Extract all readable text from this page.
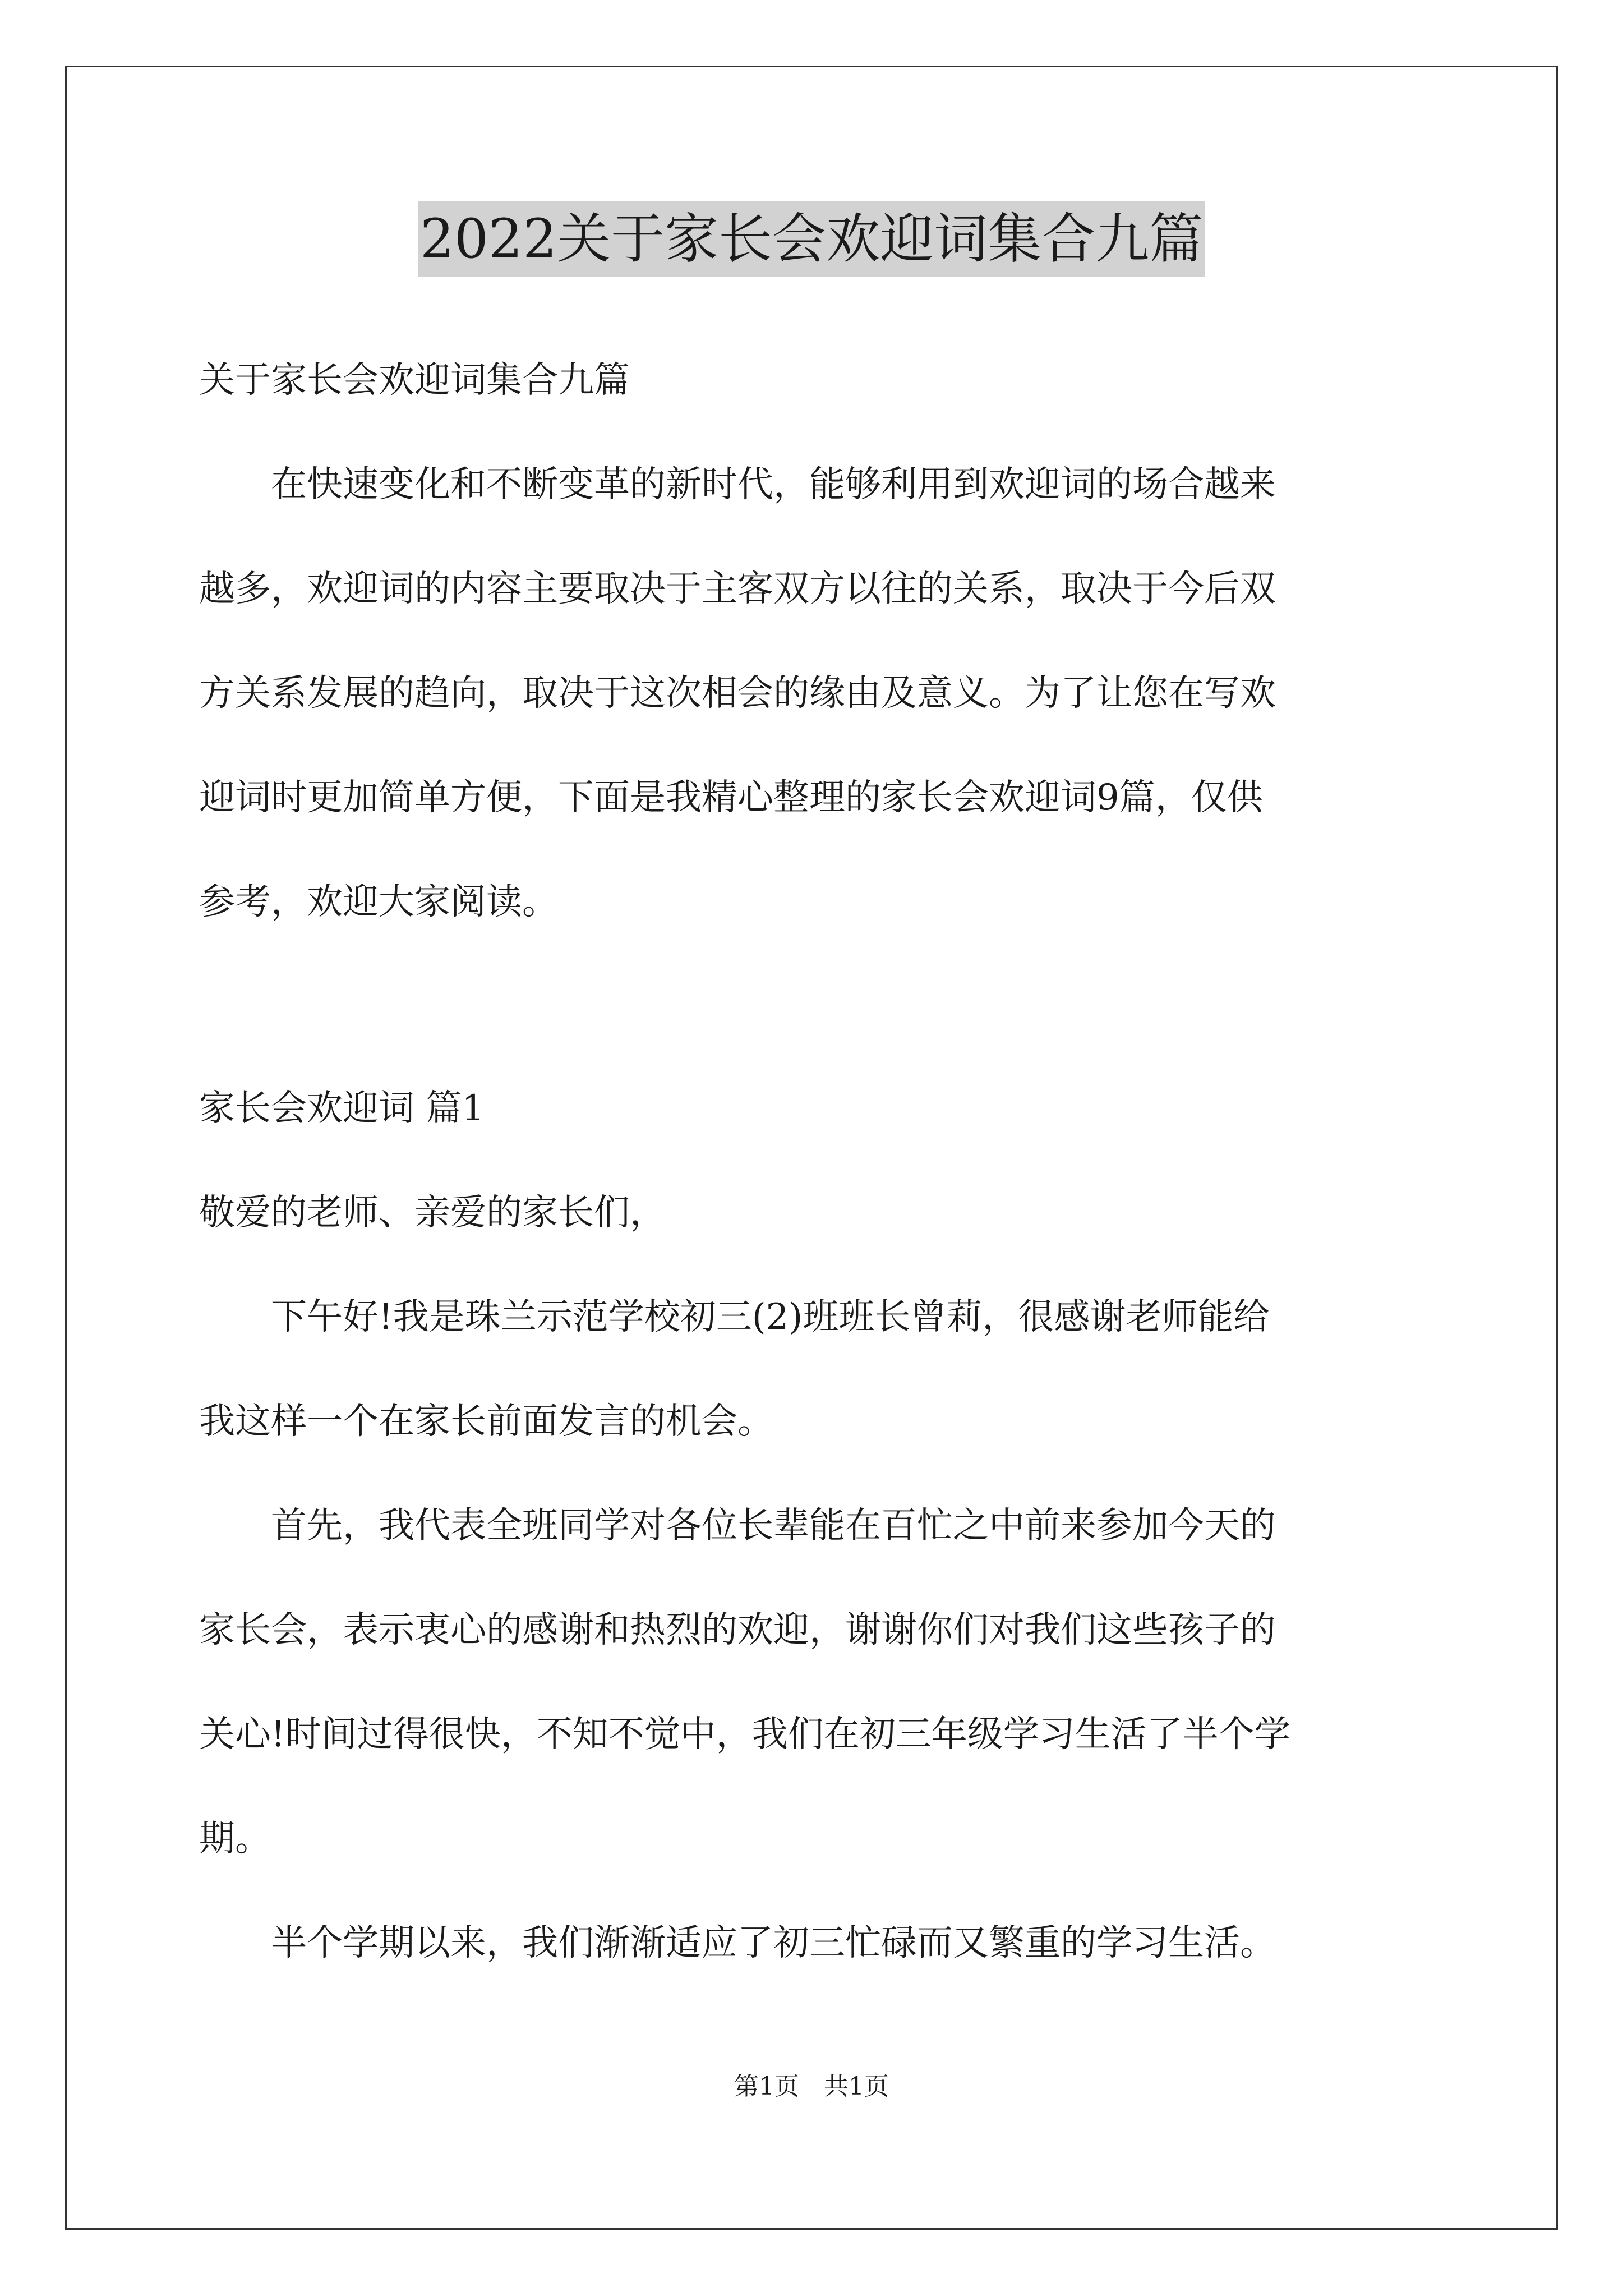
2022关于家长会欢迎词集合九篇
关于家长会欢迎词集合九篇
　　在快速变化和不断变革的新时代，能够利用到欢迎词的场合越来
越多，欢迎词的内容主要取决于主客双方以往的关系，取决于今后双
方关系发展的趋向，取决于这次相会的缘由及意义。为了让您在写欢
迎词时更加简单方便，下面是我精心整理的家长会欢迎词9篇，仅供
参考，欢迎大家阅读。
家长会欢迎词 篇1
敬爱的老师、亲爱的家长们，
　　下午好!我是珠兰示范学校初三(2)班班长曾莉，很感谢老师能给
我这样一个在家长前面发言的机会。
　　首先，我代表全班同学对各位长辈能在百忙之中前来参加今天的
家长会，表示衷心的感谢和热烈的欢迎，谢谢你们对我们这些孩子的
关心!时间过得很快，不知不觉中，我们在初三年级学习生活了半个学
期。
　　半个学期以来，我们渐渐适应了初三忙碌而又繁重的学习生活。
第1页　共1页
